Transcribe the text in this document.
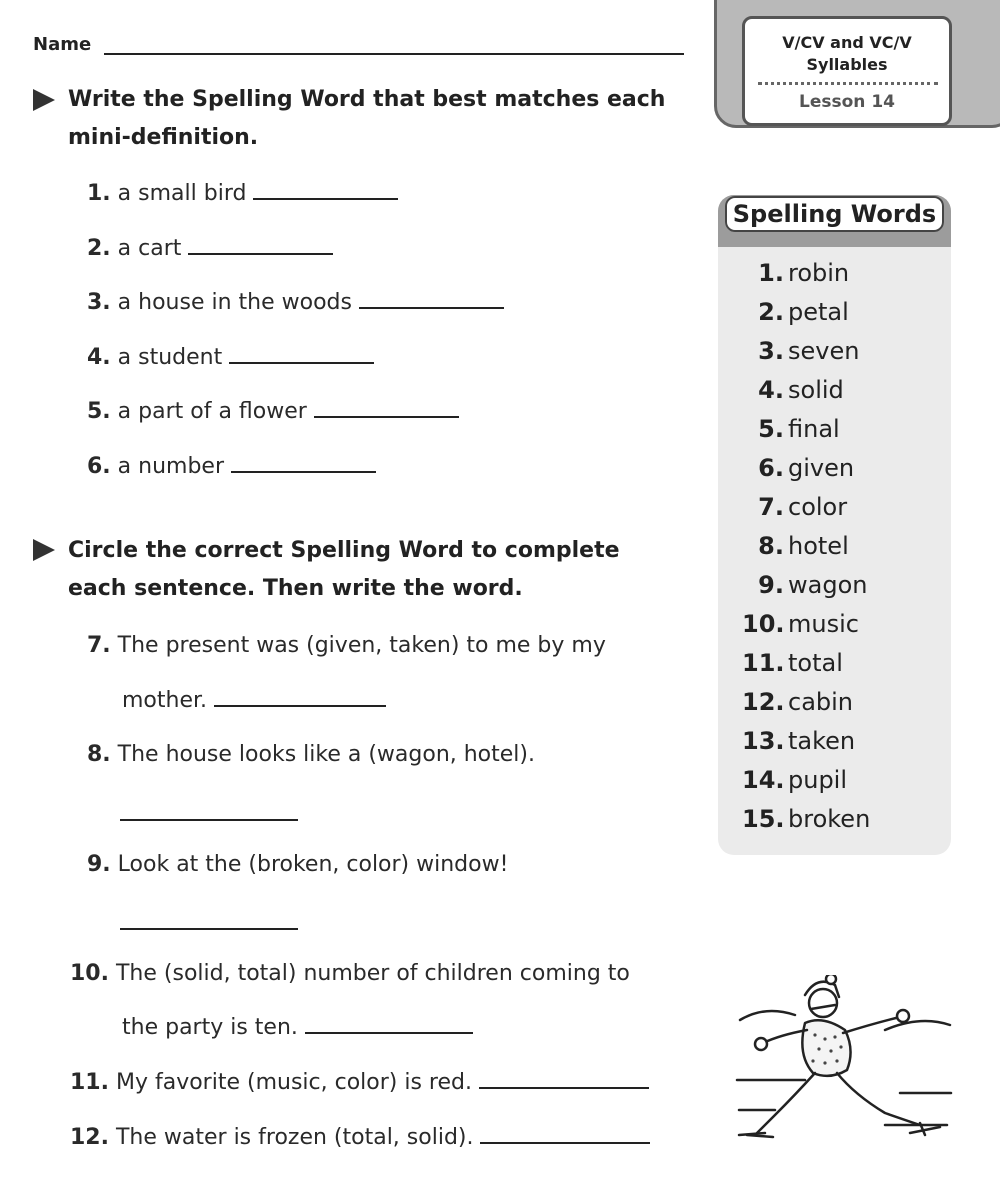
Name	V/CV and VC/V
Syllables
Lesson 14
Write the Spelling Word that best matches each
mini-definition.
1. a small bird
2. a cart
3. a house in the woods
4. a student
5. a part of a flower
6. a number
Circle the correct Spelling Word to complete
each sentence. Then write the word.
7. The present was (given, taken) to me by my
mother.
8. The house looks like a (wagon, hotel).
9. Look at the (broken, color) window!
10. The (solid, total) number of children coming to
the party is ten.
11. My favorite (music, color) is red.
12. The water is frozen (total, solid).
Spelling Words
1. robin
2. petal
3. seven
4. solid
5. final
6. given
7. color
8. hotel
9. wagon
10. music
11. total
12. cabin
13. taken
14. pupil
15. broken
